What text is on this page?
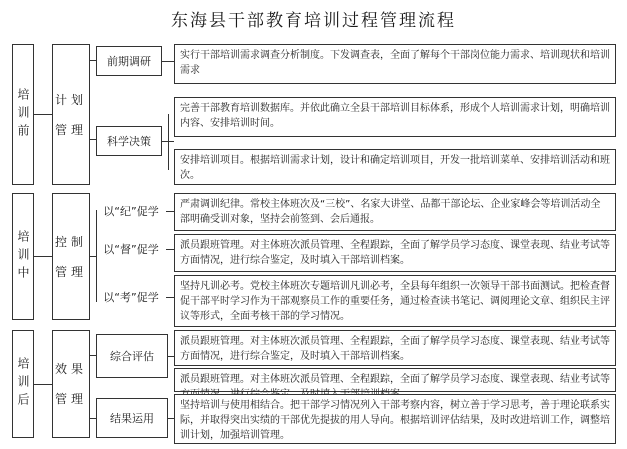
东海县干部教育培训过程管理流程
培训前 计划
管理
前期调研	实行干部培训需求调查分析制度。下发调查表，全面了解每个干部岗位能力需求、培训现状和培训需求
科学决策
完善干部教育培训数据库。并依此确立全县干部培训目标体系，形成个人培训需求计划，明确培训内容、安排培训时间。
安排培训项目。根据培训需求计划，设计和确定培训项目，开发一批培训菜单、安排培训活动和班次。
培训中 控制
管理
以“纪”促学
严肃调训纪律。常校主体班次及“三校”、名家大讲堂、品都干部论坛、企业家峰会等培训活动全部明确受训对象，坚持会前签到、会后通报。
以“督”促学	派员跟班管理。对主体班次派员管理、全程跟踪，全面了解学员学习态度、课堂表现、结业考试等方面情况，进行综合鉴定，及时填入干部培训档案。
以“考”促学
坚持凡训必考。党校主体班次专题培训凡训必考，全县每年组织一次领导干部书面测试。把检查督促干部平时学习作为干部观察员工作的重要任务，通过检查读书笔记、调阅理论文章、组织民主评议等形式，全面考核干部的学习情况。
培训后 效果
管理
综合评估
派员跟班管理。对主体班次派员管理、全程跟踪，全面了解学员学习态度、课堂表现、结业考试等方面情况，进行综合鉴定，及时填入干部培训档案。
派员跟班管理。对主体班次派员管理、全程跟踪，全面了解学员学习态度、课堂表现、结业考试等
结果运用
坚持培训与使用相结合。把干部学习情况列入干部考察内容，树立善于学习思考，善于理论联系实际，并取得突出实绩的干部优先提拔的用人导向。根据培训评估结果，及时改进培训工作，调整培训计划，加强培训管理。
